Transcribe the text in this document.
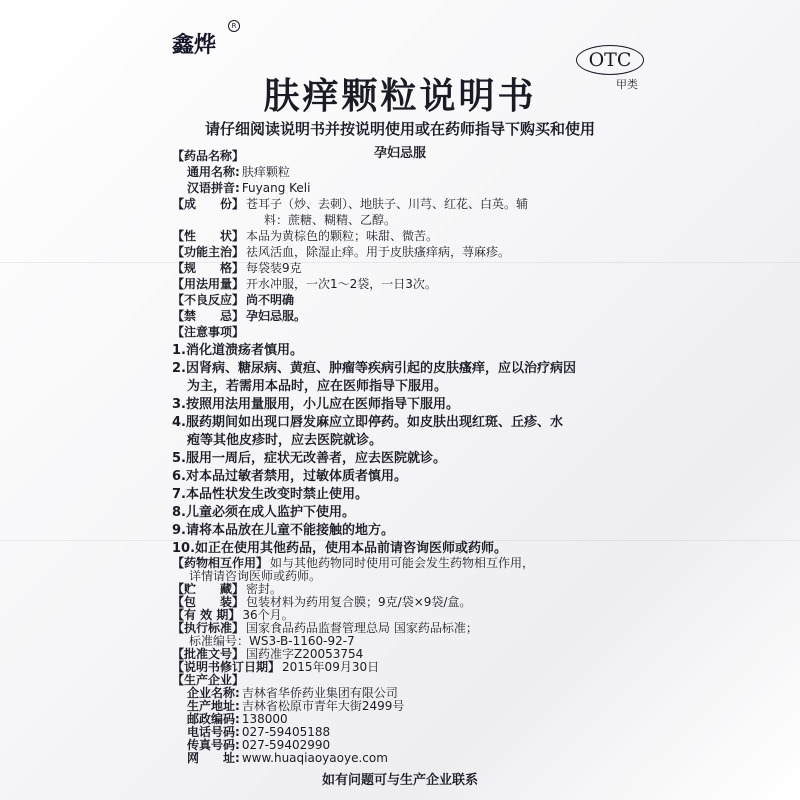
鑫烨
R
OTC
甲类
肤痒颗粒说明书
请仔细阅读说明书并按说明使用或在药师指导下购买和使用
孕妇忌服
【药品名称】
通用名称: 肤痒颗粒
汉语拼音: Fuyang Keli
【成　　份】 苍耳子（炒、去刺）、地肤子、川芎、红花、白英。辅
料：蔗糖、糊精、乙醇。
【性　　状】 本品为黄棕色的颗粒；味甜、微苦。
【功能主治】 祛风活血，除湿止痒。用于皮肤瘙痒病，荨麻疹。
【规　　格】 每袋装9克
【用法用量】 开水冲服，一次1～2袋，一日3次。
【不良反应】 尚不明确
【禁　　忌】 孕妇忌服。
【注意事项】
1.消化道溃疡者慎用。
2.因肾病、糖尿病、黄疸、肿瘤等疾病引起的皮肤瘙痒，应以治疗病因
为主，若需用本品时，应在医师指导下服用。
3.按照用法用量服用，小儿应在医师指导下服用。
4.服药期间如出现口唇发麻应立即停药。如皮肤出现红斑、丘疹、水
疱等其他皮疹时，应去医院就诊。
5.服用一周后，症状无改善者，应去医院就诊。
6.对本品过敏者禁用，过敏体质者慎用。
7.本品性状发生改变时禁止使用。
8.儿童必须在成人监护下使用。
9.请将本品放在儿童不能接触的地方。
10.如正在使用其他药品，使用本品前请咨询医师或药师。
【药物相互作用】 如与其他药物同时使用可能会发生药物相互作用，
详情请咨询医师或药师。
【贮　　藏】 密封。
【包　　装】 包装材料为药用复合膜；9克/袋×9袋/盒。
【有 效 期】 36个月。
【执行标准】 国家食品药品监督管理总局 国家药品标准；
标准编号：WS3-B-1160-92-7
【批准文号】 国药准字Z20053754
【说明书修订日期】 2015年09月30日
【生产企业】
企业名称: 吉林省华侨药业集团有限公司
生产地址: 吉林省松原市青年大街2499号
邮政编码: 138000
电话号码: 027-59405188
传真号码: 027-59402990
网　　址: www.huaqiaoyaoye.com
如有问题可与生产企业联系
